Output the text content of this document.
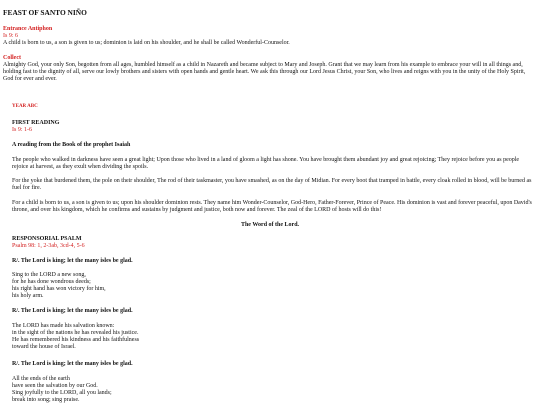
FEAST OF SANTO NIÑO

Entrance Antiphon

Is 9: 6

A child is born to us, a son is given to us; dominion is laid on his shoulder, and he shall be called Wonderful-Counselor.

Collect

Almighty God, your only Son, begotten from all ages, humbled himself as a child in Nazareth and became subject to Mary and Joseph. Grant that we may learn from his example to embrace your will in all things and, holding fast to the dignity of all, serve our lowly brothers and sisters with open hands and gentle heart. We ask this through our Lord Jesus Christ, your Son, who lives and reigns with you in the unity of the Holy Spirit, God for ever and ever.

YEAR ABC

FIRST READING

Is 9: 1-6

A reading from the Book of the prophet Isaiah
The people who walked in darkness have seen a great light; Upon those who lived in a land of gloom a light has shone. You have brought them abundant joy and great rejoicing; They rejoice before you as people rejoice at harvest, as they exult when dividing the spoils.
For the yoke that burdened them, the pole on their shoulder, The rod of their taskmaster, you have smashed, as on the day of Midian. For every boot that tramped in battle, every cloak rolled in blood, will be burned as fuel for fire.
For a child is born to us, a son is given to us; upon his shoulder dominion rests. They name him Wonder-Counselor, God-Hero, Father-Forever, Prince of Peace. His dominion is vast and forever peaceful, upon David's throne, and over his kingdom, which he confirms and sustains by judgment and justice, both now and forever. The zeal of the LORD of hosts will do this!
The Word of the Lord.

RESPONSORIAL PSALM

Psalm 98: 1, 2-3ab, 3cd-4, 5-6

R/. The Lord is king; let the many isles be glad.

Sing to the LORD a new song,

for he has done wondrous deeds;

his right hand has won victory for him,

his holy arm.

R/. The Lord is king; let the many isles be glad.

The LORD has made his salvation known:

in the sight of the nations he has revealed his justice.

He has remembered his kindness and his faithfulness

toward the house of Israel.

R/. The Lord is king; let the many isles be glad.

All the ends of the earth

have seen the salvation by our God.

Sing joyfully to the LORD, all you lands;

break into song; sing praise.
